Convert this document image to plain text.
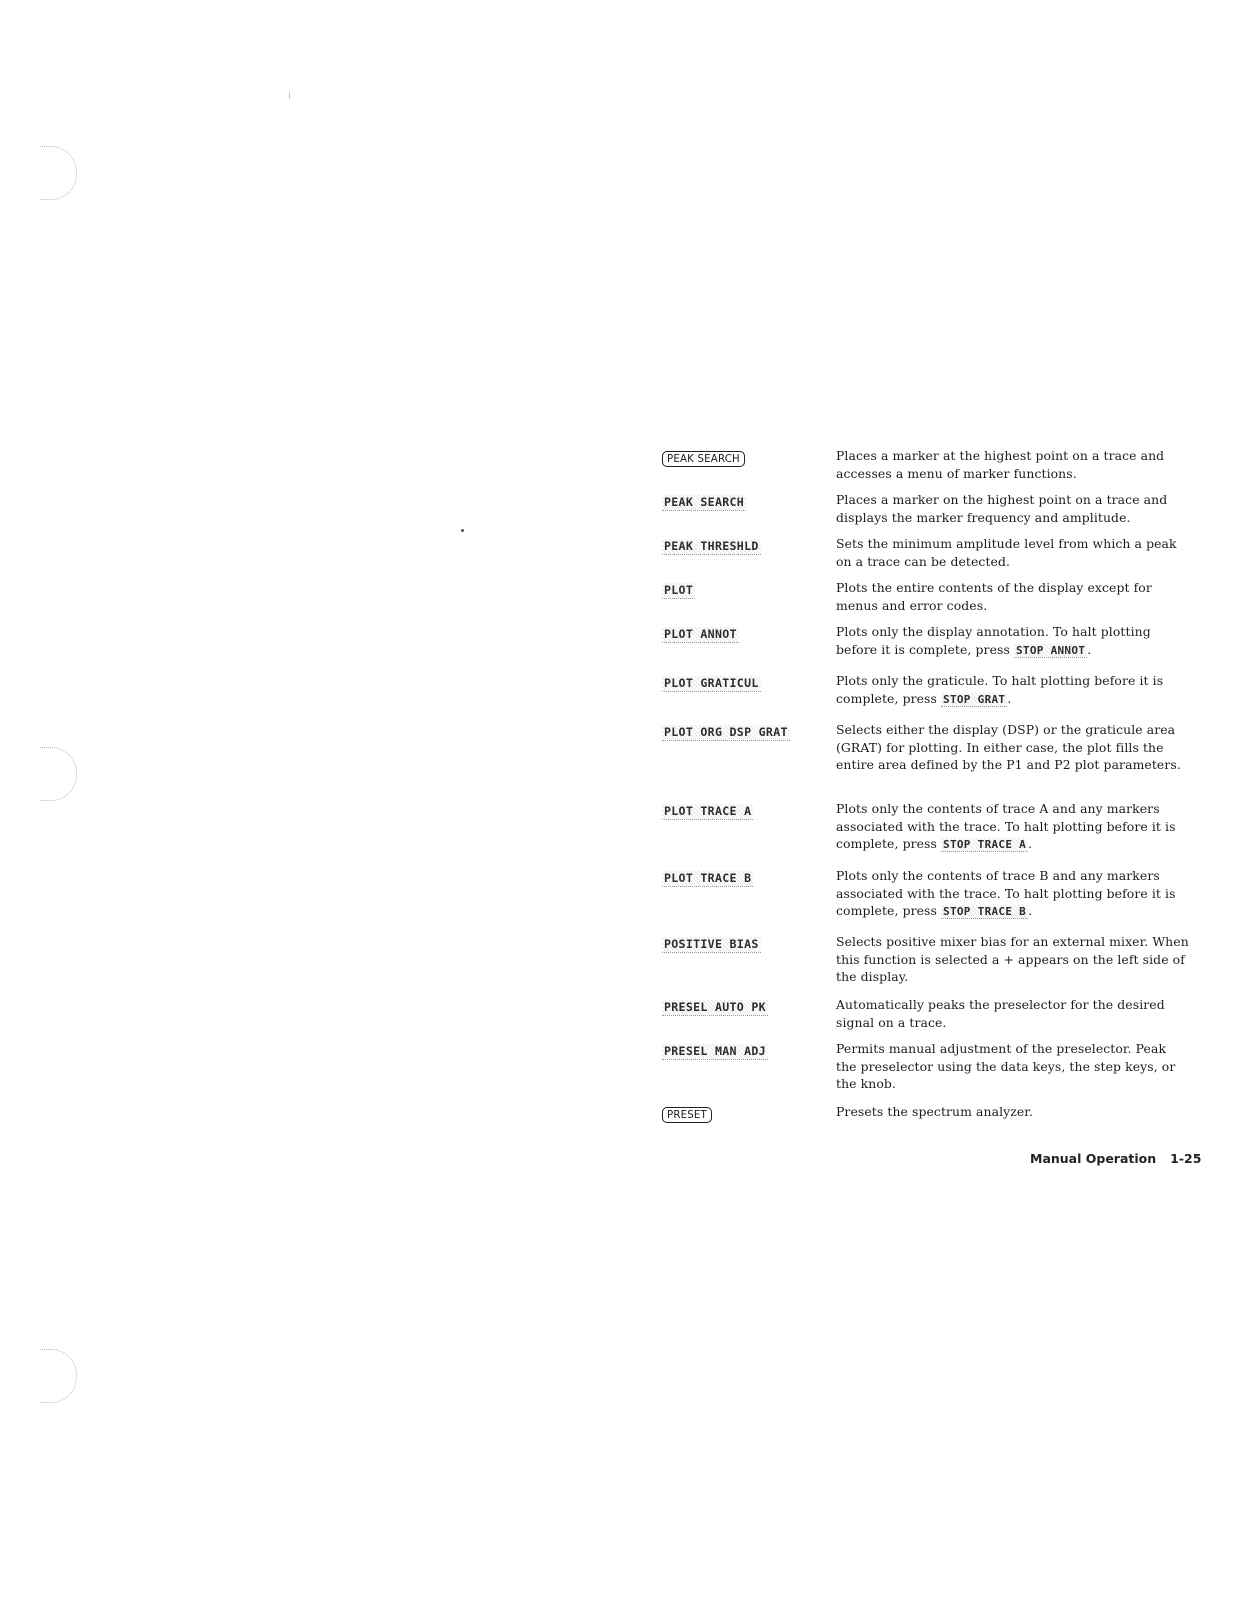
PEAK SEARCH	Places a marker at the highest point on a trace and accesses a menu of marker functions.
PEAK SEARCH	Places a marker on the highest point on a trace and displays the marker frequency and amplitude.
PEAK THRESHLD	Sets the minimum amplitude level from which a peak on a trace can be detected.
PLOT	Plots the entire contents of the display except for menus and error codes.
PLOT ANNOT	Plots only the display annotation. To halt plotting before it is complete, press STOP ANNOT .
PLOT GRATICUL	Plots only the graticule. To halt plotting before it is complete, press STOP GRAT .
PLOT ORG DSP GRAT	Selects either the display (DSP) or the graticule area (GRAT) for plotting. In either case, the plot fills the entire area defined by the P1 and P2 plot parameters.
PLOT TRACE A	Plots only the contents of trace A and any markers associated with the trace. To halt plotting before it is complete, press STOP TRACE A .
PLOT TRACE B	Plots only the contents of trace B and any markers associated with the trace. To halt plotting before it is complete, press STOP TRACE B .
POSITIVE BIAS	Selects positive mixer bias for an external mixer. When this function is selected a + appears on the left side of the display.
PRESEL AUTO PK	Automatically peaks the preselector for the desired signal on a trace.
PRESEL MAN ADJ	Permits manual adjustment of the preselector. Peak the preselector using the data keys, the step keys, or the knob.
PRESET	Presets the spectrum analyzer.
Manual Operation 1-25
